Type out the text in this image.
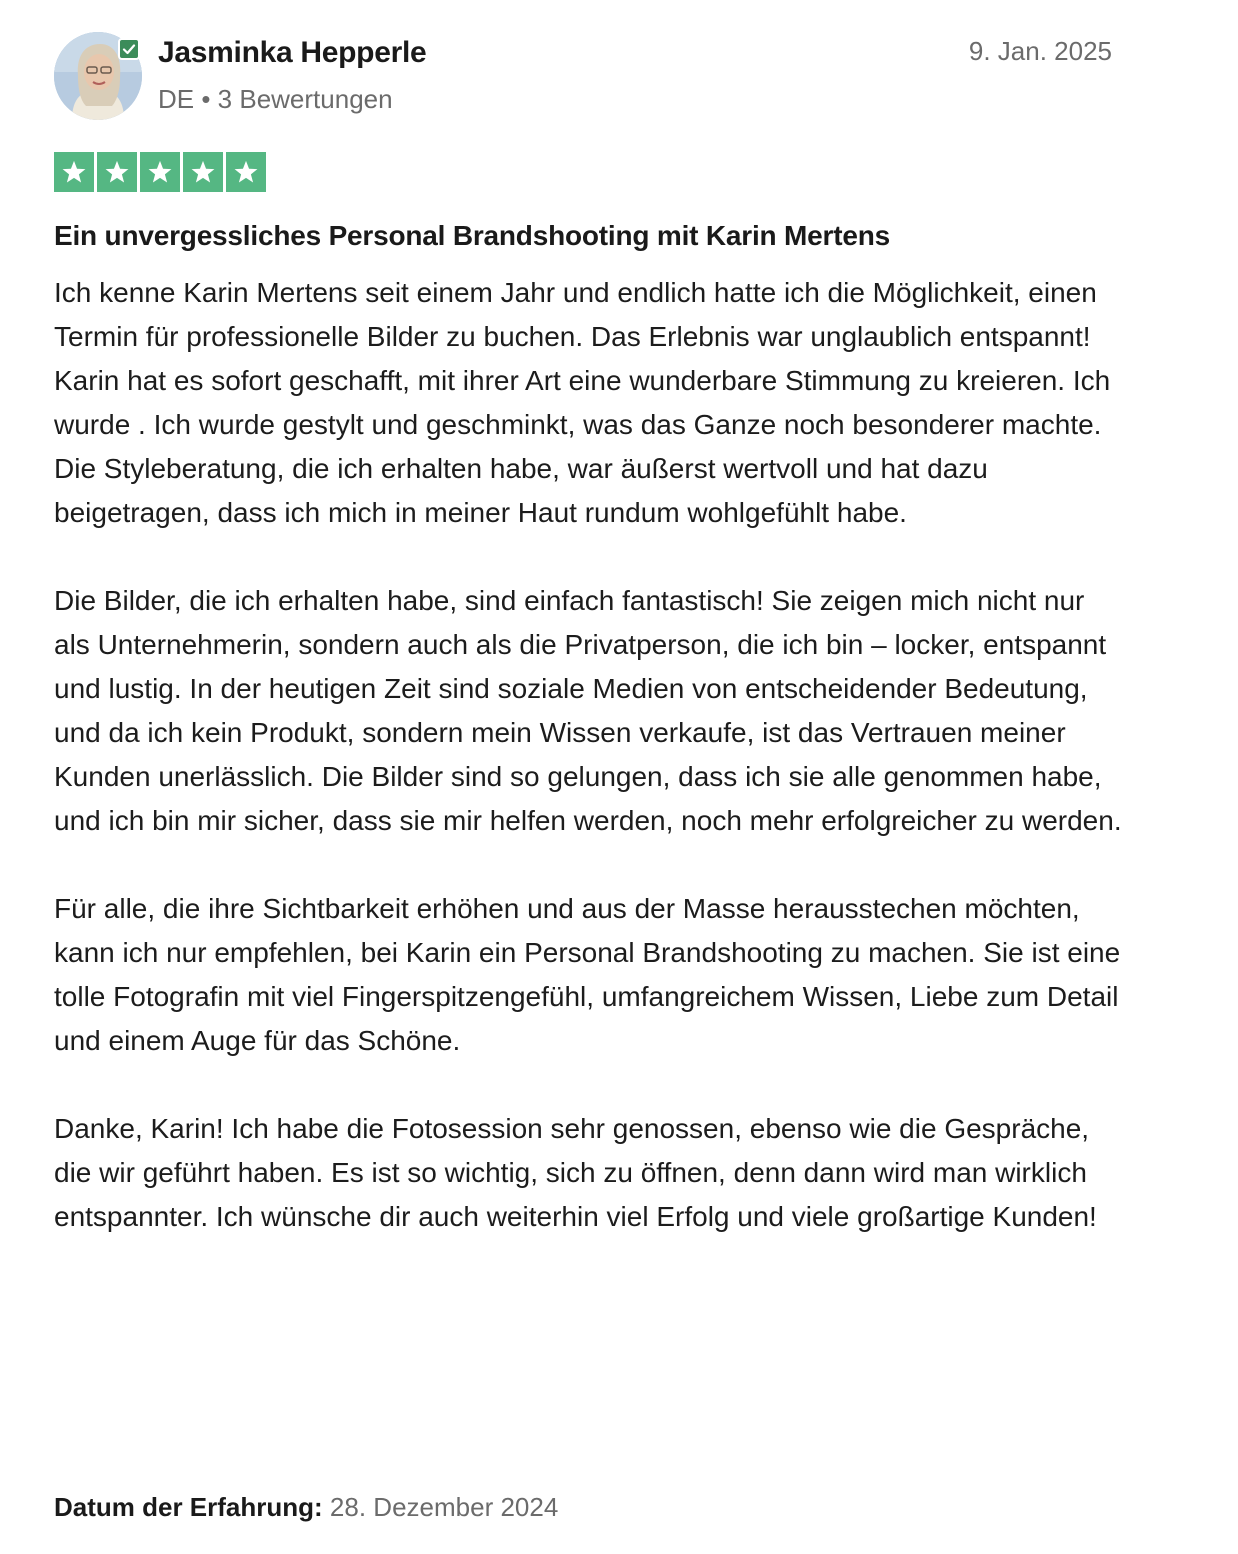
Jasminka Hepperle
DE • 3 Bewertungen
9. Jan. 2025
Ein unvergessliches Personal Brandshooting mit Karin Mertens

Ich kenne Karin Mertens seit einem Jahr und endlich hatte ich die Möglichkeit, einen Termin für professionelle Bilder zu buchen. Das Erlebnis war unglaublich entspannt! Karin hat es sofort geschafft, mit ihrer Art eine wunderbare Stimmung zu kreieren. Ich wurde . Ich wurde gestylt und geschminkt, was das Ganze noch besonderer machte. Die Styleberatung, die ich erhalten habe, war äußerst wertvoll und hat dazu beigetragen, dass ich mich in meiner Haut rundum wohlgefühlt habe.

Die Bilder, die ich erhalten habe, sind einfach fantastisch! Sie zeigen mich nicht nur als Unternehmerin, sondern auch als die Privatperson, die ich bin – locker, entspannt und lustig. In der heutigen Zeit sind soziale Medien von entscheidender Bedeutung, und da ich kein Produkt, sondern mein Wissen verkaufe, ist das Vertrauen meiner Kunden unerlässlich. Die Bilder sind so gelungen, dass ich sie alle genommen habe, und ich bin mir sicher, dass sie mir helfen werden, noch mehr erfolgreicher zu werden.

Für alle, die ihre Sichtbarkeit erhöhen und aus der Masse herausstechen möchten, kann ich nur empfehlen, bei Karin ein Personal Brandshooting zu machen. Sie ist eine tolle Fotografin mit viel Fingerspitzengefühl, umfangreichem Wissen, Liebe zum Detail und einem Auge für das Schöne.

Danke, Karin! Ich habe die Fotosession sehr genossen, ebenso wie die Gespräche, die wir geführt haben. Es ist so wichtig, sich zu öffnen, denn dann wird man wirklich entspannter. Ich wünsche dir auch weiterhin viel Erfolg und viele großartige Kunden!

Datum der Erfahrung: 28. Dezember 2024
